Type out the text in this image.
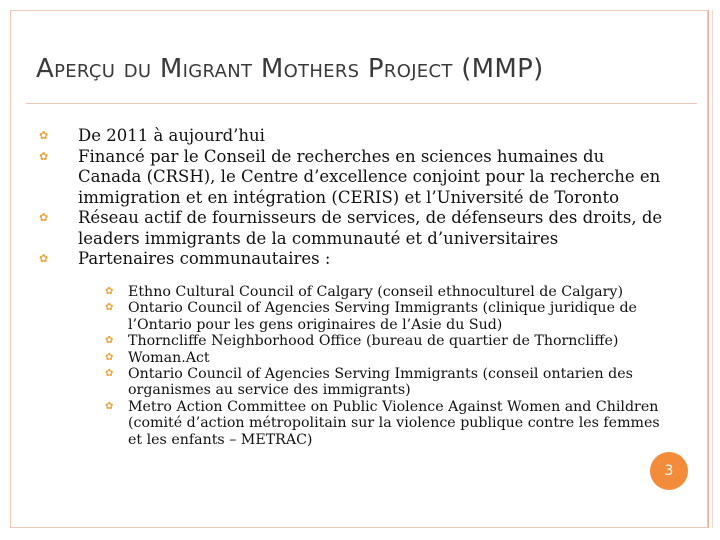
Aperçu du Migrant Mothers Project (MMP)
✿ De 2011 à aujourd’hui
✿ Financé par le Conseil de recherches en sciences humaines du Canada (CRSH), le Centre d’excellence conjoint pour la recherche en immigration et en intégration (CERIS) et l’Université de Toronto
✿ Réseau actif de fournisseurs de services, de défenseurs des droits, de leaders immigrants de la communauté et d’universitaires
✿ Partenaires communautaires :
✿ Ethno Cultural Council of Calgary (conseil ethnoculturel de Calgary)
✿ Ontario Council of Agencies Serving Immigrants (clinique juridique de l’Ontario pour les gens originaires de l’Asie du Sud)
✿ Thorncliffe Neighborhood Office (bureau de quartier de Thorncliffe)
✿ Woman.Act
✿ Ontario Council of Agencies Serving Immigrants (conseil ontarien des organismes au service des immigrants)
✿ Metro Action Committee on Public Violence Against Women and Children (comité d’action métropolitain sur la violence publique contre les femmes et les enfants – METRAC)
3
